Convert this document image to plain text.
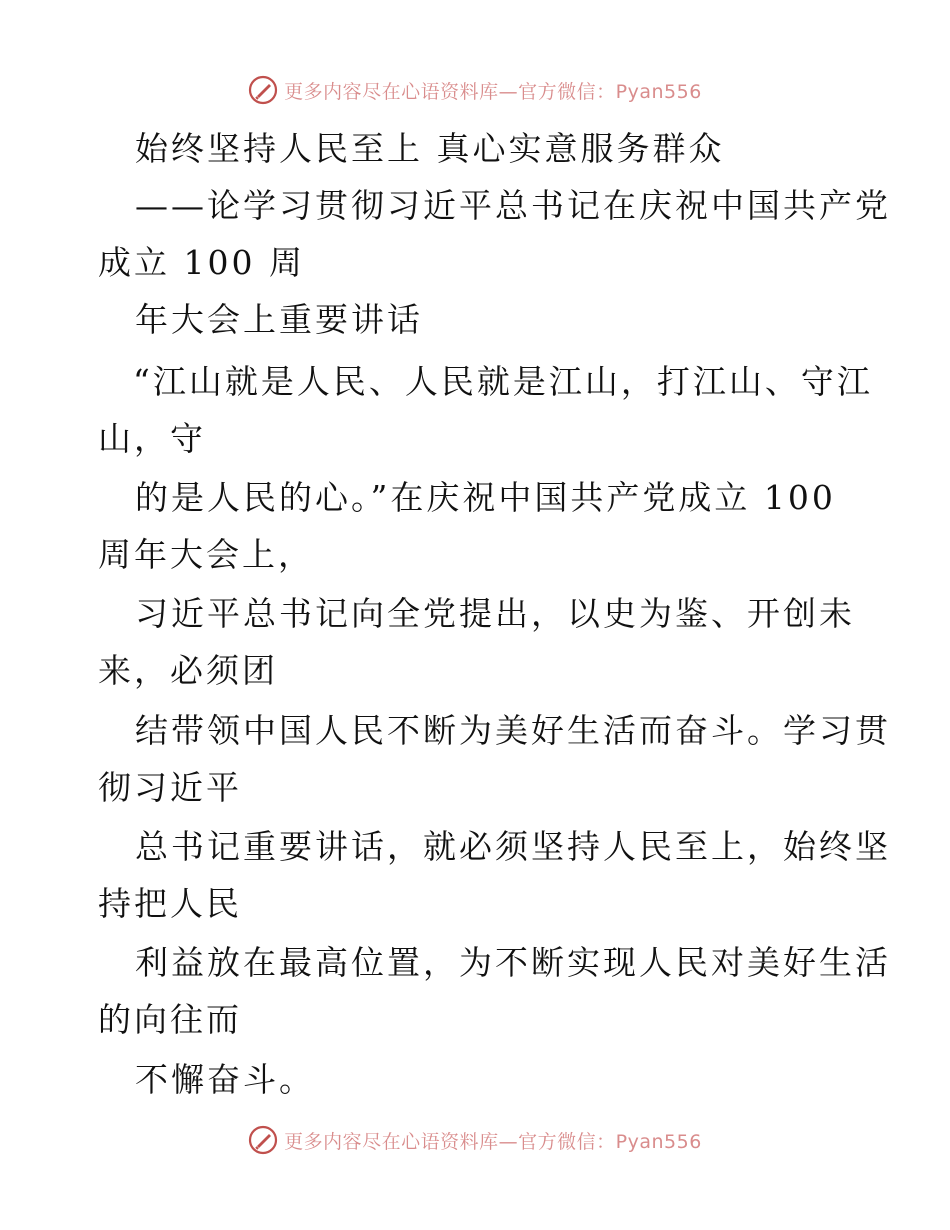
更多内容尽在心语资料库—官方微信：Pyan556
始终坚持人民至上 真心实意服务群众
——论学习贯彻习近平总书记在庆祝中国共产党
成立 100 周
年大会上重要讲话
“江山就是人民、人民就是江山，打江山、守江
山，守
的是人民的心。”在庆祝中国共产党成立 100
周年大会上，
习近平总书记向全党提出，以史为鉴、开创未
来，必须团
结带领中国人民不断为美好生活而奋斗。学习贯
彻习近平
总书记重要讲话，就必须坚持人民至上，始终坚
持把人民
利益放在最高位置，为不断实现人民对美好生活
的向往而
不懈奋斗。
更多内容尽在心语资料库—官方微信：Pyan556
